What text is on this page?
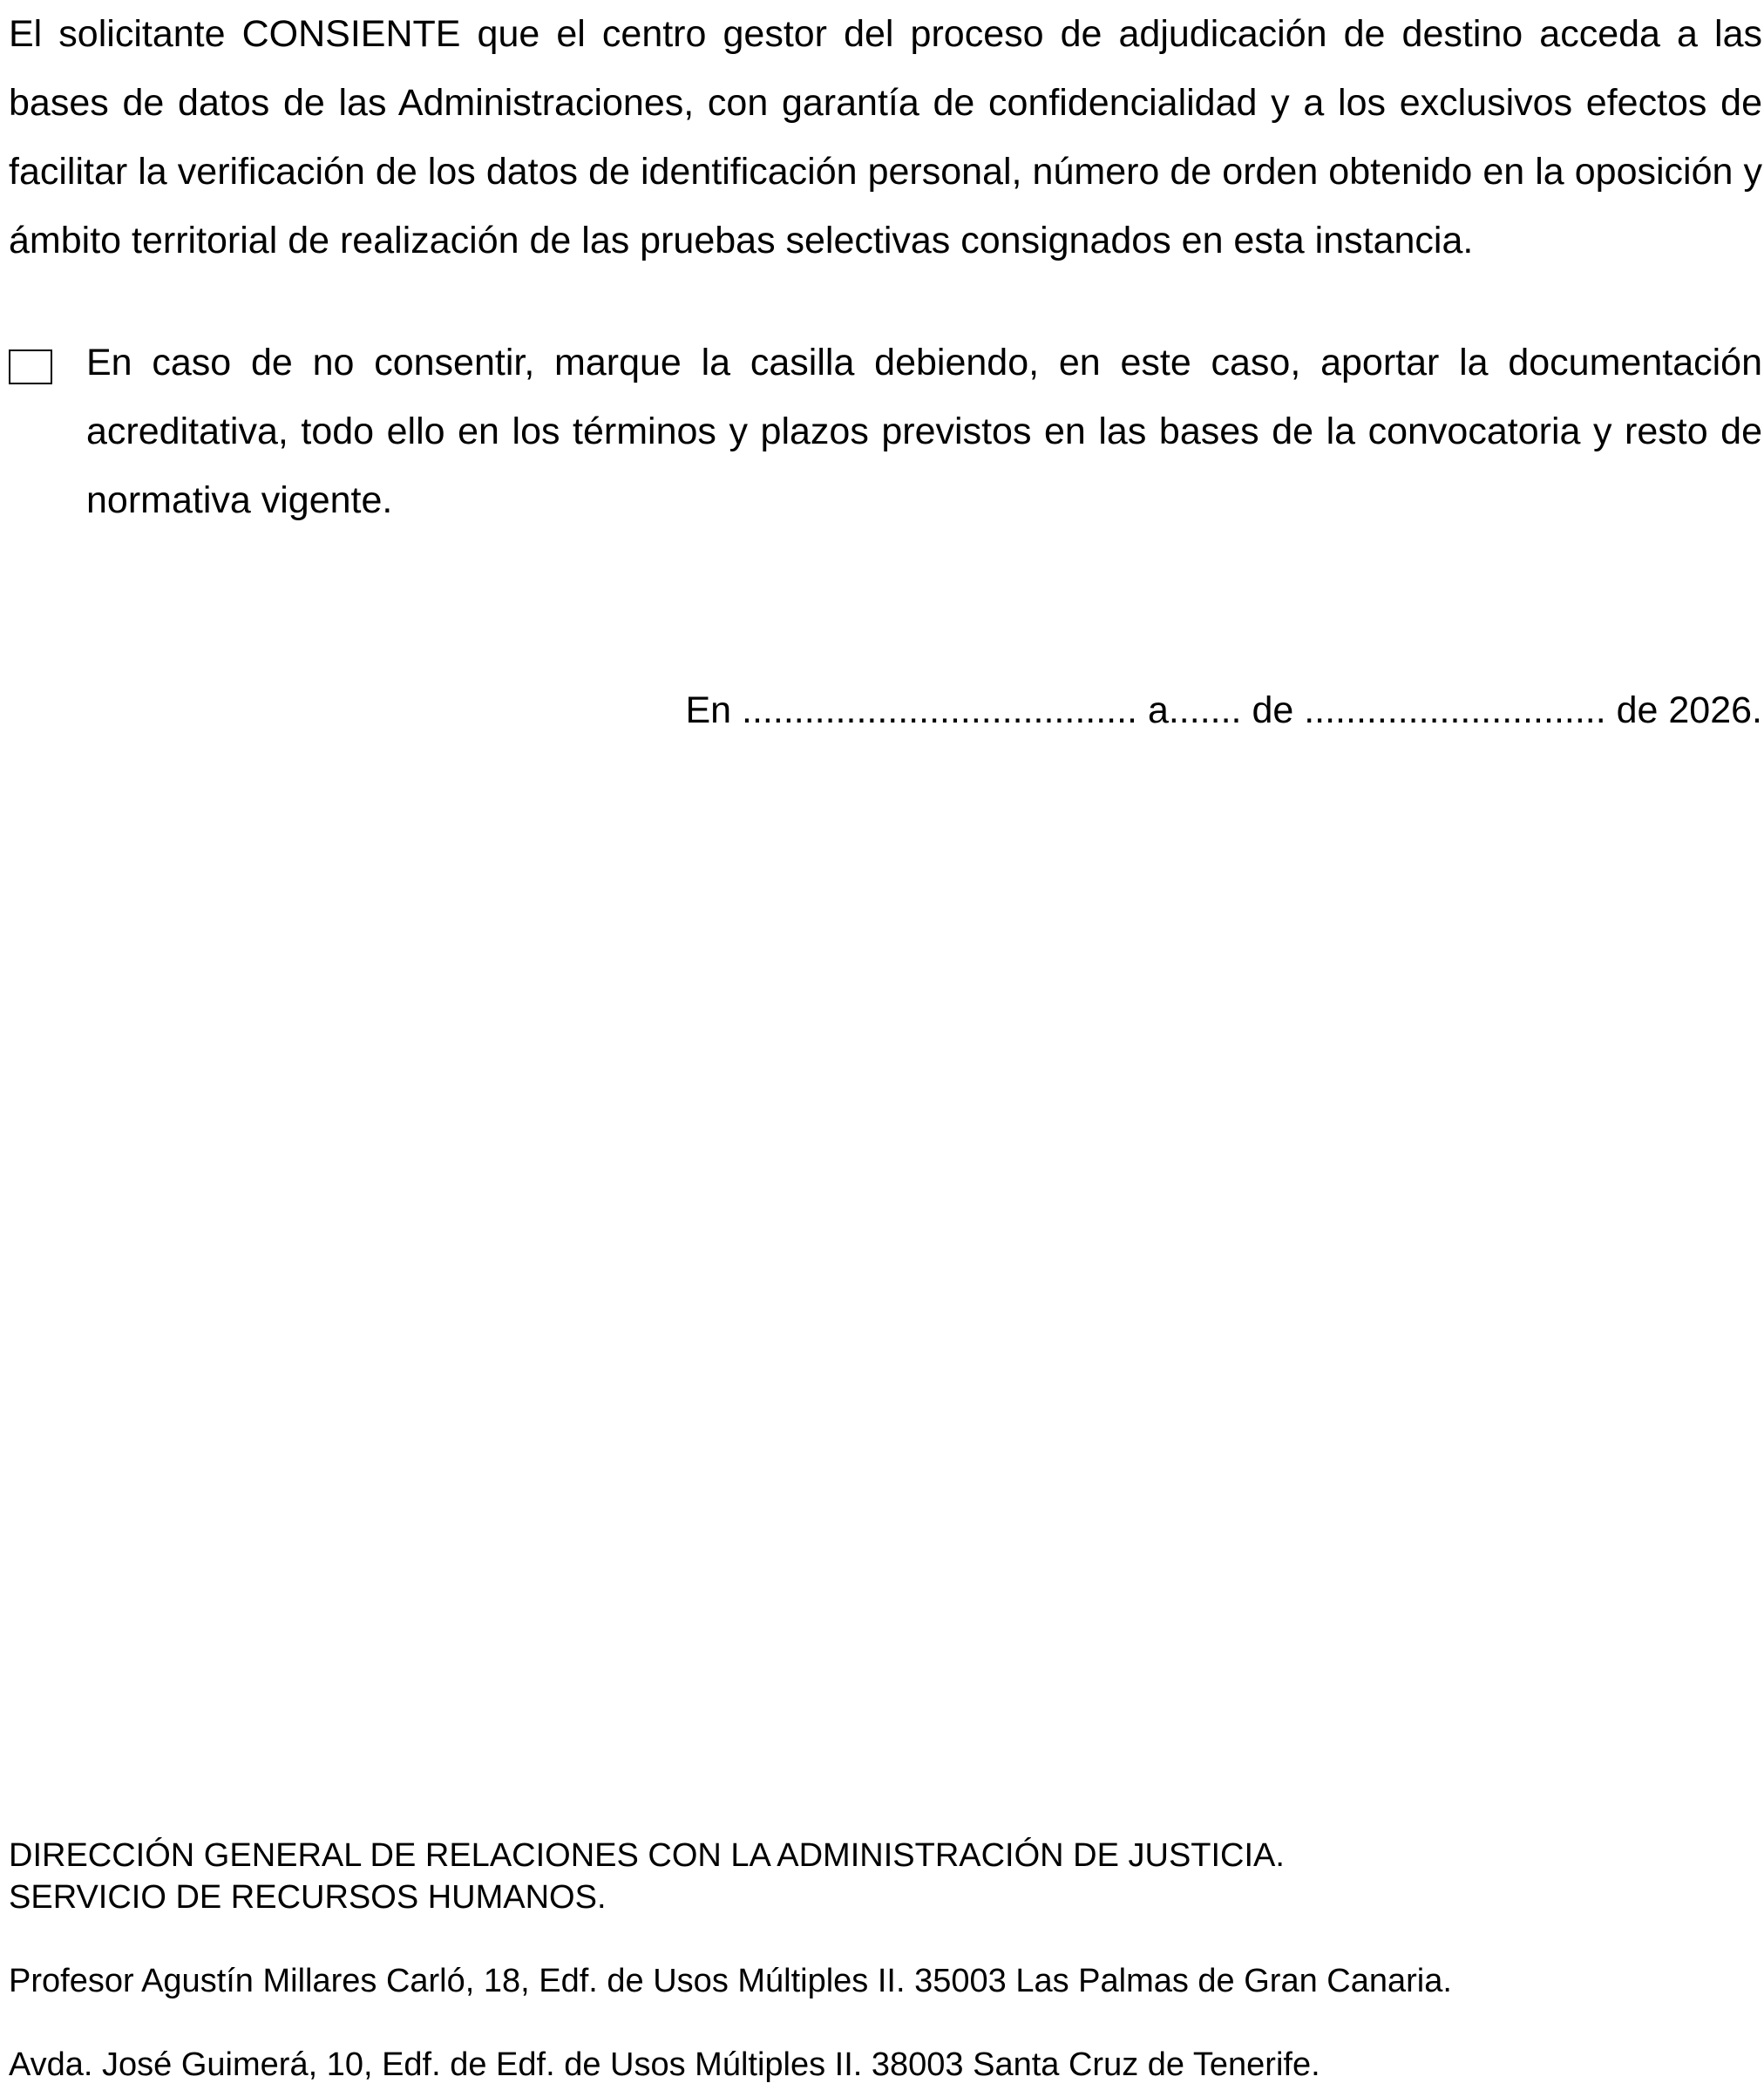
El solicitante CONSIENTE que el centro gestor del proceso de adjudicación de destino acceda a las bases de datos de las Administraciones, con garantía de confidencialidad y a los exclusivos efectos de facilitar la verificación de los datos de identificación personal, número de orden obtenido en la oposición y ámbito territorial de realización de las pruebas selectivas consignados en esta instancia.

En caso de no consentir, marque la casilla debiendo, en este caso, aportar la documentación acreditativa, todo ello en los términos y plazos previstos en las bases de la convocatoria y resto de normativa vigente.

En ...................................... a....... de ............................. de 2026.
DIRECCIÓN GENERAL DE RELACIONES CON LA ADMINISTRACIÓN DE JUSTICIA.
SERVICIO DE RECURSOS HUMANOS.
Profesor Agustín Millares Carló, 18, Edf. de Usos Múltiples II. 35003 Las Palmas de Gran Canaria.
Avda. José Guimerá, 10, Edf. de Edf. de Usos Múltiples II. 38003 Santa Cruz de Tenerife.
